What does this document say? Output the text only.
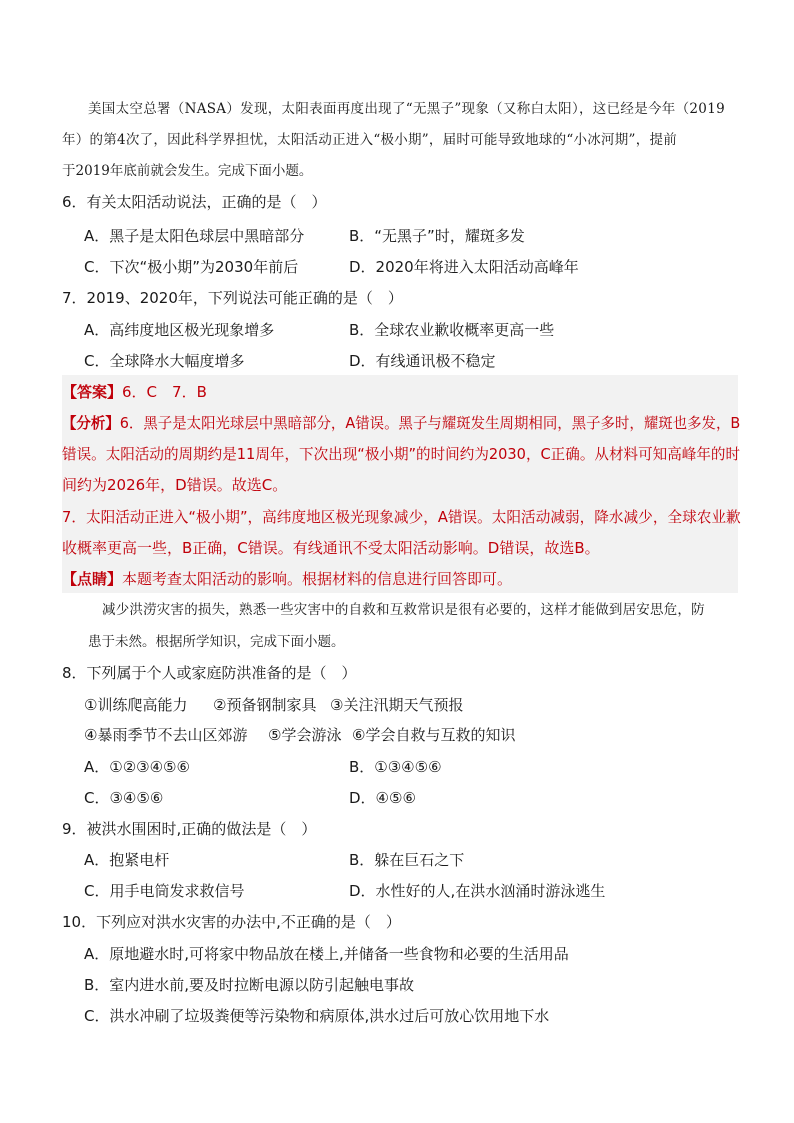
美国太空总署（NASA）发现，太阳表面再度出现了“无黑子”现象（又称白太阳），这已经是今年（2019
年）的第4次了，因此科学界担忧，太阳活动正进入“极小期”，届时可能导致地球的“小冰河期”，提前
于2019年底前就会发生。完成下面小题。
6．有关太阳活动说法，正确的是（　）
A．黑子是太阳色球层中黑暗部分	B．“无黑子”时，耀斑多发
C．下次“极小期”为2030年前后	D．2020年将进入太阳活动高峰年
7．2019、2020年，下列说法可能正确的是（　）
A．高纬度地区极光现象增多	B．全球农业歉收概率更高一些
C．全球降水大幅度增多	D．有线通讯极不稳定
【答案】6．C　7．B
【分析】6．黑子是太阳光球层中黑暗部分，A错误。黑子与耀斑发生周期相同，黑子多时，耀斑也多发，B
错误。太阳活动的周期约是11周年，下次出现“极小期”的时间约为2030，C正确。从材料可知高峰年的时
间约为2026年，D错误。故选C。
7．太阳活动正进入“极小期”，高纬度地区极光现象减少，A错误。太阳活动减弱，降水减少，全球农业歉
收概率更高一些，B正确，C错误。有线通讯不受太阳活动影响。D错误，故选B。
【点睛】本题考查太阳活动的影响。根据材料的信息进行回答即可。
减少洪涝灾害的损失，熟悉一些灾害中的自救和互救常识是很有必要的，这样才能做到居安思危，防
患于未然。根据所学知识，完成下面小题。
8．下列属于个人或家庭防洪准备的是（　）
①训练爬高能力 ②预备钢制家具 ③关注汛期天气预报
④暴雨季节不去山区郊游 ⑤学会游泳 ⑥学会自救与互救的知识
A．①②③④⑤⑥	B．①③④⑤⑥
C．③④⑤⑥	D．④⑤⑥
9．被洪水围困时,正确的做法是（　）
A．抱紧电杆	B．躲在巨石之下
C．用手电筒发求救信号	D．水性好的人,在洪水汹涌时游泳逃生
10．下列应对洪水灾害的办法中,不正确的是（　）
A．原地避水时,可将家中物品放在楼上,并储备一些食物和必要的生活用品
B．室内进水前,要及时拉断电源以防引起触电事故
C．洪水冲刷了垃圾粪便等污染物和病原体,洪水过后可放心饮用地下水
